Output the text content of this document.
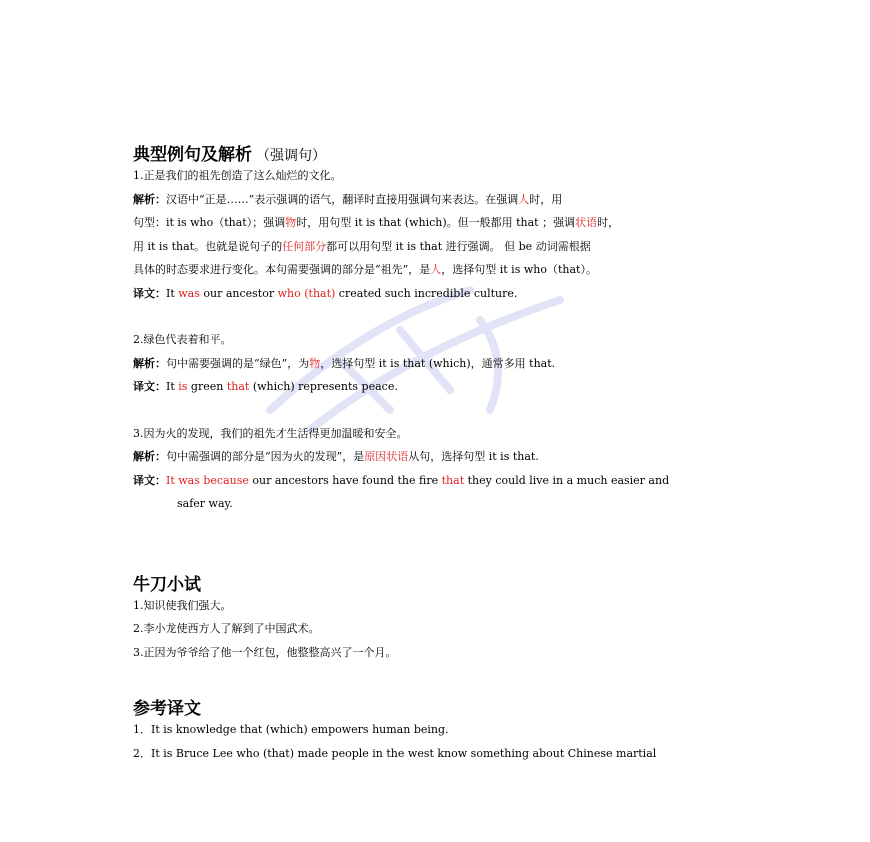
典型例句及解析 （强调句）
1.正是我们的祖先创造了这么灿烂的文化。
解析：汉语中“正是……”表示强调的语气，翻译时直接用强调句来表达。在强调人时，用
句型：it is who（that）；强调物时，用句型 it is that (which)。但一般都用 that ；强调状语时，
用 it is that。也就是说句子的任何部分都可以用句型 it is that 进行强调。 但 be 动词需根据
具体的时态要求进行变化。本句需要强调的部分是“祖先”，是人，选择句型 it is who（that）。
译文：It was our ancestor who (that) created such incredible culture.
2.绿色代表着和平。
解析：句中需要强调的是“绿色”，为物，选择句型 it is that (which)，通常多用 that.
译文：It is green that (which) represents peace.
3.因为火的发现，我们的祖先才生活得更加温暖和安全。
解析：句中需强调的部分是“因为火的发现”，是原因状语从句，选择句型 it is that.
译文：It was because our ancestors have found the fire that they could live in a much easier and
safer way.
牛刀小试
1.知识使我们强大。
2.李小龙使西方人了解到了中国武术。
3.正因为爷爷给了他一个红包，他整整高兴了一个月。
参考译文
1．It is knowledge that (which) empowers human being.
2．It is Bruce Lee who (that) made people in the west know something about Chinese martial
